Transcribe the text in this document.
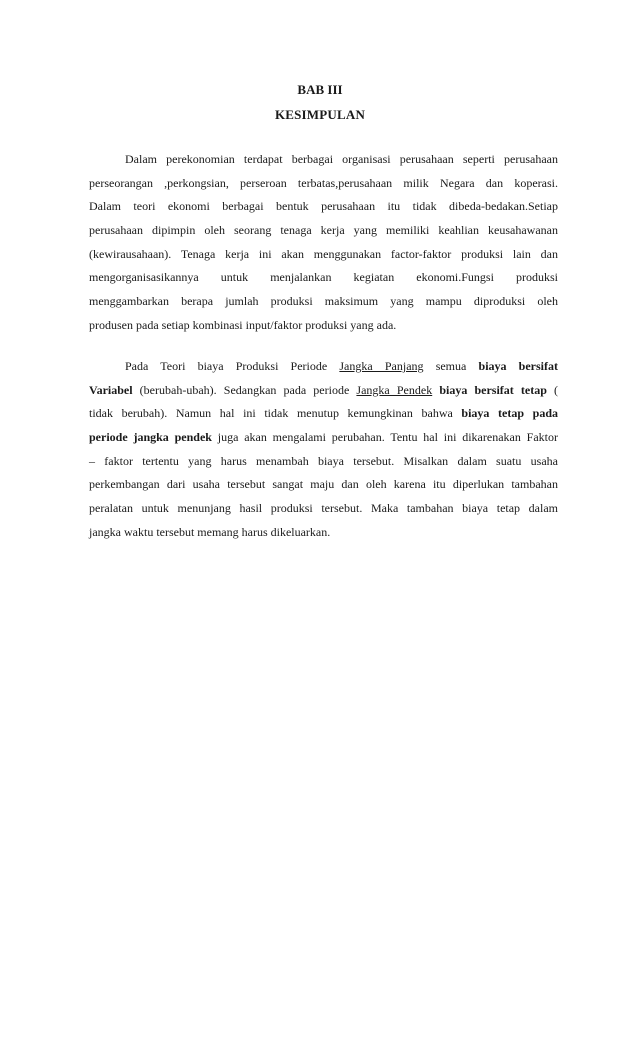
BAB III
KESIMPULAN
Dalam perekonomian terdapat berbagai organisasi perusahaan seperti perusahaan
perseorangan ,perkongsian, perseroan terbatas,perusahaan milik Negara dan koperasi.
Dalam teori ekonomi berbagai bentuk perusahaan itu tidak dibeda-bedakan.Setiap
perusahaan dipimpin oleh seorang tenaga kerja yang memiliki keahlian keusahawanan
(kewirausahaan). Tenaga kerja ini akan menggunakan factor-faktor produksi lain dan
mengorganisasikannya untuk menjalankan kegiatan ekonomi.Fungsi produksi
menggambarkan berapa jumlah produksi maksimum yang mampu diproduksi oleh
produsen pada setiap kombinasi input/faktor produksi yang ada.
Pada Teori biaya Produksi Periode Jangka Panjang semua biaya bersifat
Variabel (berubah-ubah). Sedangkan pada periode Jangka Pendek biaya bersifat tetap (
tidak berubah). Namun hal ini tidak menutup kemungkinan bahwa biaya tetap pada
periode jangka pendek juga akan mengalami perubahan. Tentu hal ini dikarenakan Faktor
– faktor tertentu yang harus menambah biaya tersebut. Misalkan dalam suatu usaha
perkembangan dari usaha tersebut sangat maju dan oleh karena itu diperlukan tambahan
peralatan untuk menunjang hasil produksi tersebut. Maka tambahan biaya tetap dalam
jangka waktu tersebut memang harus dikeluarkan.
